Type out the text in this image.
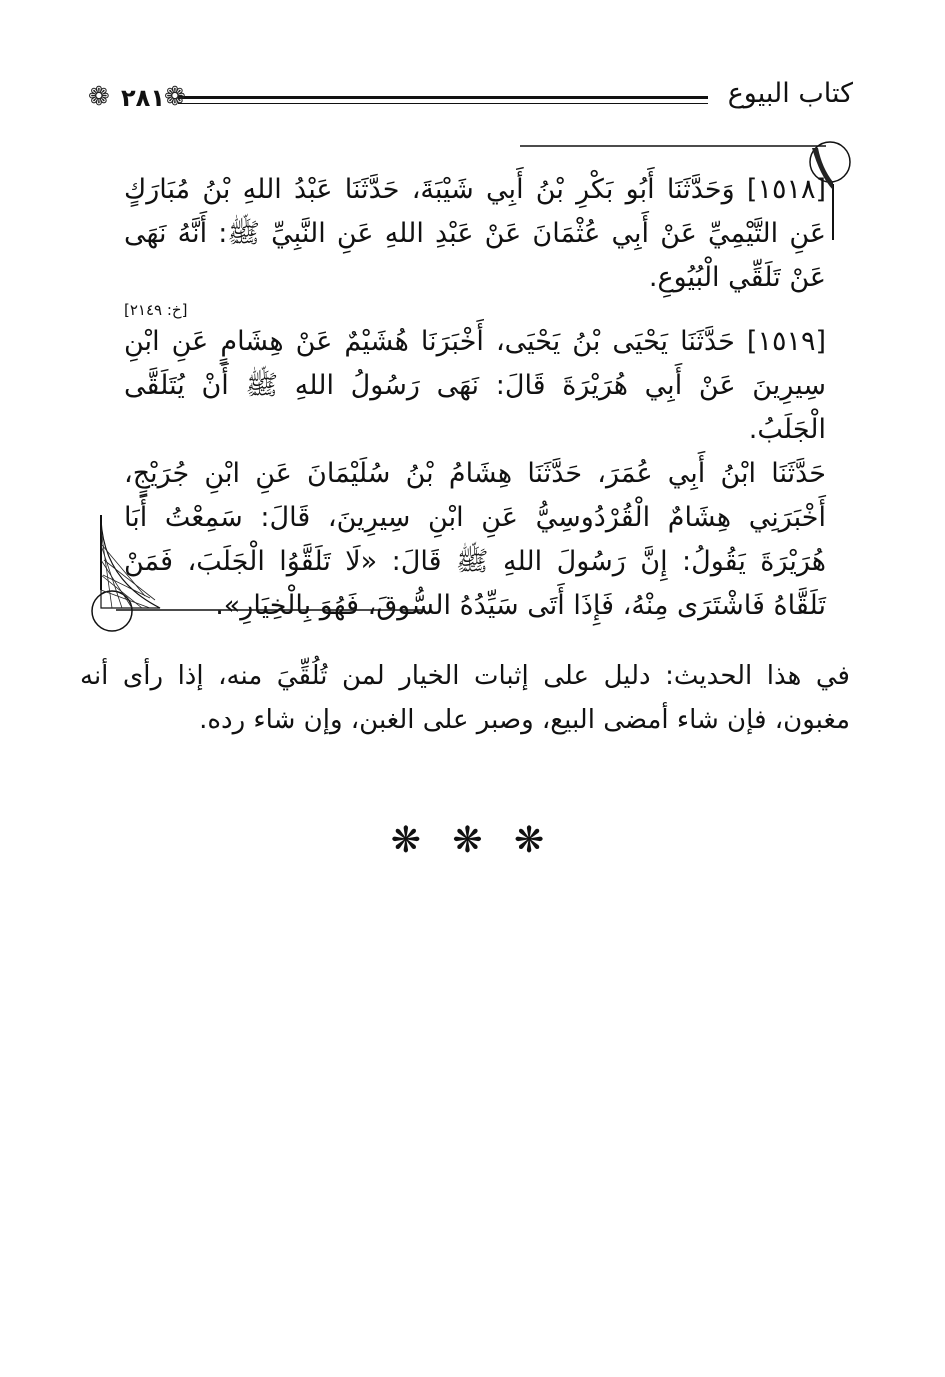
كتاب البيوع
❁ ٢٨١ ❁

[١٥١٨] وَحَدَّثَنَا أَبُو بَكْرِ بْنُ أَبِي شَيْبَةَ، حَدَّثَنَا عَبْدُ اللهِ بْنُ مُبَارَكٍ عَنِ التَّيْمِيِّ عَنْ أَبِي عُثْمَانَ عَنْ عَبْدِ اللهِ عَنِ النَّبِيِّ ﷺ: أَنَّهُ نَهَى عَنْ تَلَقِّي الْبُيُوعِ.

[خ: ٢١٤٩]

[١٥١٩] حَدَّثَنَا يَحْيَى بْنُ يَحْيَى، أَخْبَرَنَا هُشَيْمٌ عَنْ هِشَامٍ عَنِ ابْنِ سِيرِينَ عَنْ أَبِي هُرَيْرَةَ قَالَ: نَهَى رَسُولُ اللهِ ﷺ أَنْ يُتَلَقَّى الْجَلَبُ.

حَدَّثَنَا ابْنُ أَبِي عُمَرَ، حَدَّثَنَا هِشَامُ بْنُ سُلَيْمَانَ عَنِ ابْنِ جُرَيْجٍ، أَخْبَرَنِي هِشَامٌ الْقُرْدُوسِيُّ عَنِ ابْنِ سِيرِينَ، قَالَ: سَمِعْتُ أَبَا هُرَيْرَةَ يَقُولُ: إِنَّ رَسُولَ اللهِ ﷺ قَالَ: «لَا تَلَقَّوُا الْجَلَبَ، فَمَنْ تَلَقَّاهُ فَاشْتَرَى مِنْهُ، فَإِذَا أَتَى سَيِّدُهُ السُّوقَ، فَهُوَ بِالْخِيَارِ».

في هذا الحديث: دليل على إثبات الخيار لمن تُلُقِّيَ منه، إذا رأى أنه مغبون، فإن شاء أمضى البيع، وصبر على الغبن، وإن شاء رده.

❋ ❋ ❋
